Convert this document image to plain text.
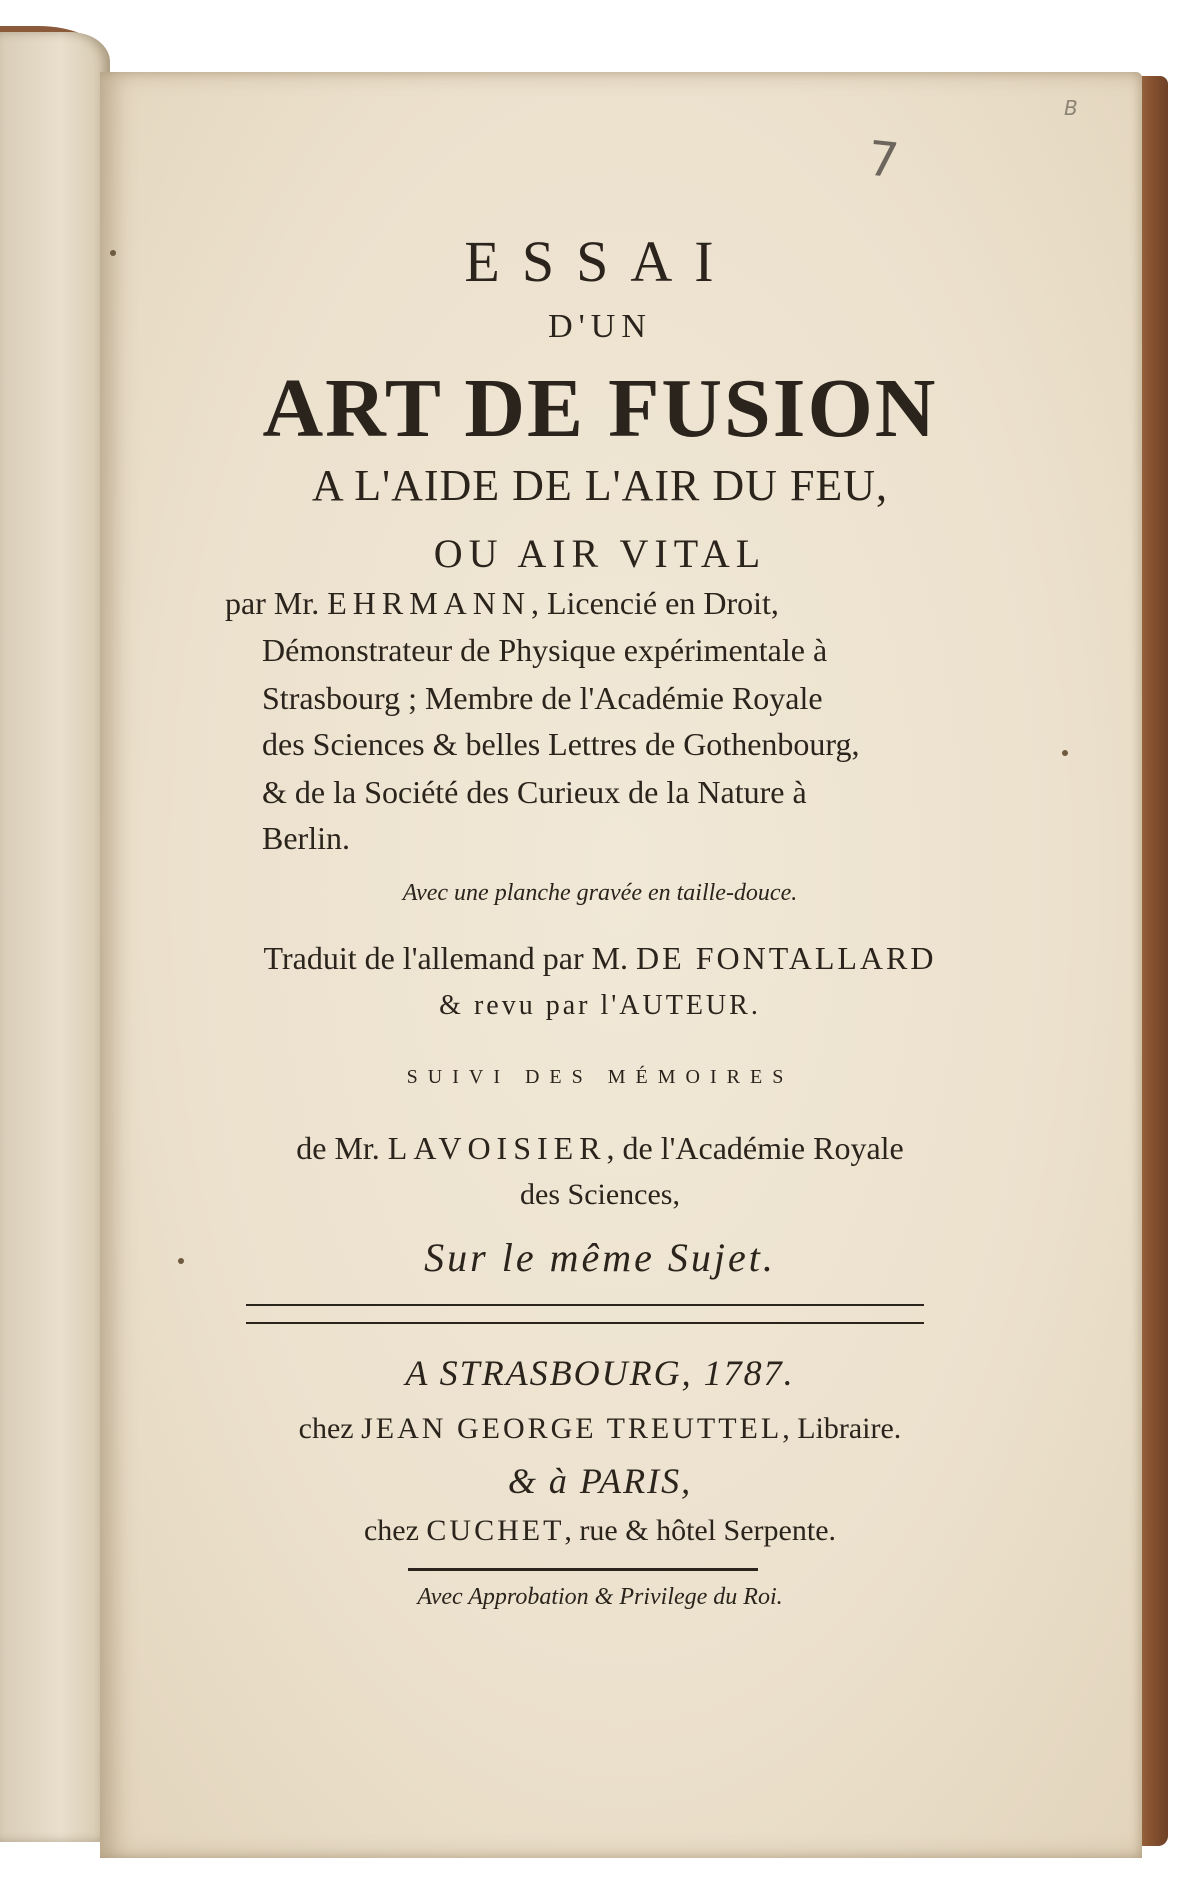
7
B
ESSAI
D'UN
ART DE FUSION
A L'AIDE DE L'AIR DU FEU,
OU AIR VITAL
par Mr. EHRMANN, Licencié en Droit,
Démonstrateur de Physique expérimentale à
Strasbourg ; Membre de l'Académie Royale
des Sciences & belles Lettres de Gothenbourg,
& de la Société des Curieux de la Nature à
Berlin.
Avec une planche gravée en taille-douce.
Traduit de l'allemand par M. DE FONTALLARD
& revu par l'AUTEUR.
SUIVI DES MÉMOIRES
de Mr. LAVOISIER, de l'Académie Royale
des Sciences,
Sur le même Sujet.
A STRASBOURG, 1787.
chez JEAN GEORGE TREUTTEL, Libraire.
& à PARIS,
chez CUCHET, rue & hôtel Serpente.
Avec Approbation & Privilege du Roi.
